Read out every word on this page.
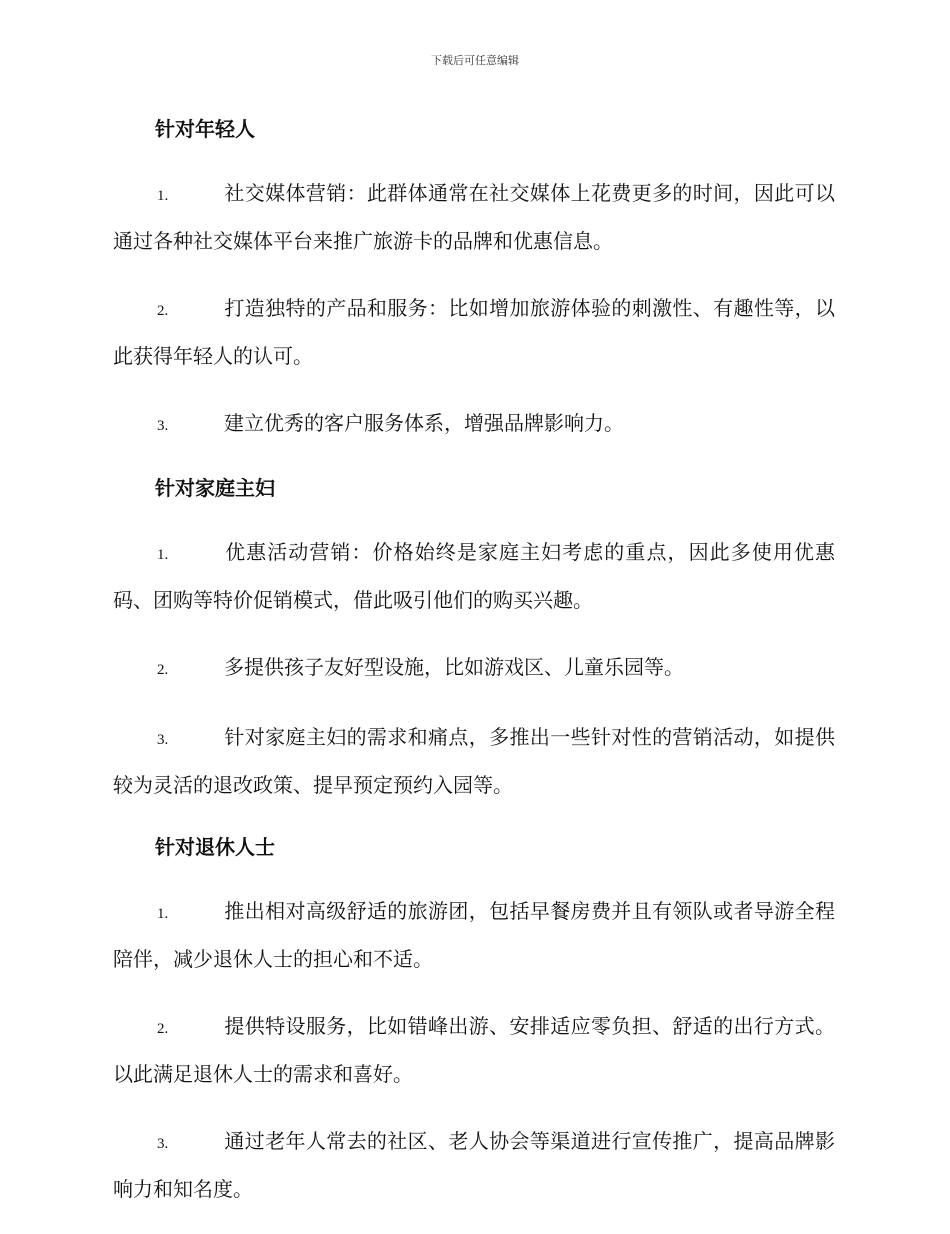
下载后可任意编辑
针对年轻人

1.	社交媒体营销：此群体通常在社交媒体上花费更多的时间，因此可以通过各种社交媒体平台来推广旅游卡的品牌和优惠信息。

2.	打造独特的产品和服务：比如增加旅游体验的刺激性、有趣性等，以此获得年轻人的认可。

3.	建立优秀的客户服务体系，增强品牌影响力。

针对家庭主妇

1.	优惠活动营销：价格始终是家庭主妇考虑的重点，因此多使用优惠码、团购等特价促销模式，借此吸引他们的购买兴趣。

2.	多提供孩子友好型设施，比如游戏区、儿童乐园等。

3.	针对家庭主妇的需求和痛点，多推出一些针对性的营销活动，如提供较为灵活的退改政策、提早预定预约入园等。

针对退休人士

1.	推出相对高级舒适的旅游团，包括早餐房费并且有领队或者导游全程陪伴，减少退休人士的担心和不适。

2.	提供特设服务，比如错峰出游、安排适应零负担、舒适的出行方式。以此满足退休人士的需求和喜好。

3.	通过老年人常去的社区、老人协会等渠道进行宣传推广，提高品牌影响力和知名度。
